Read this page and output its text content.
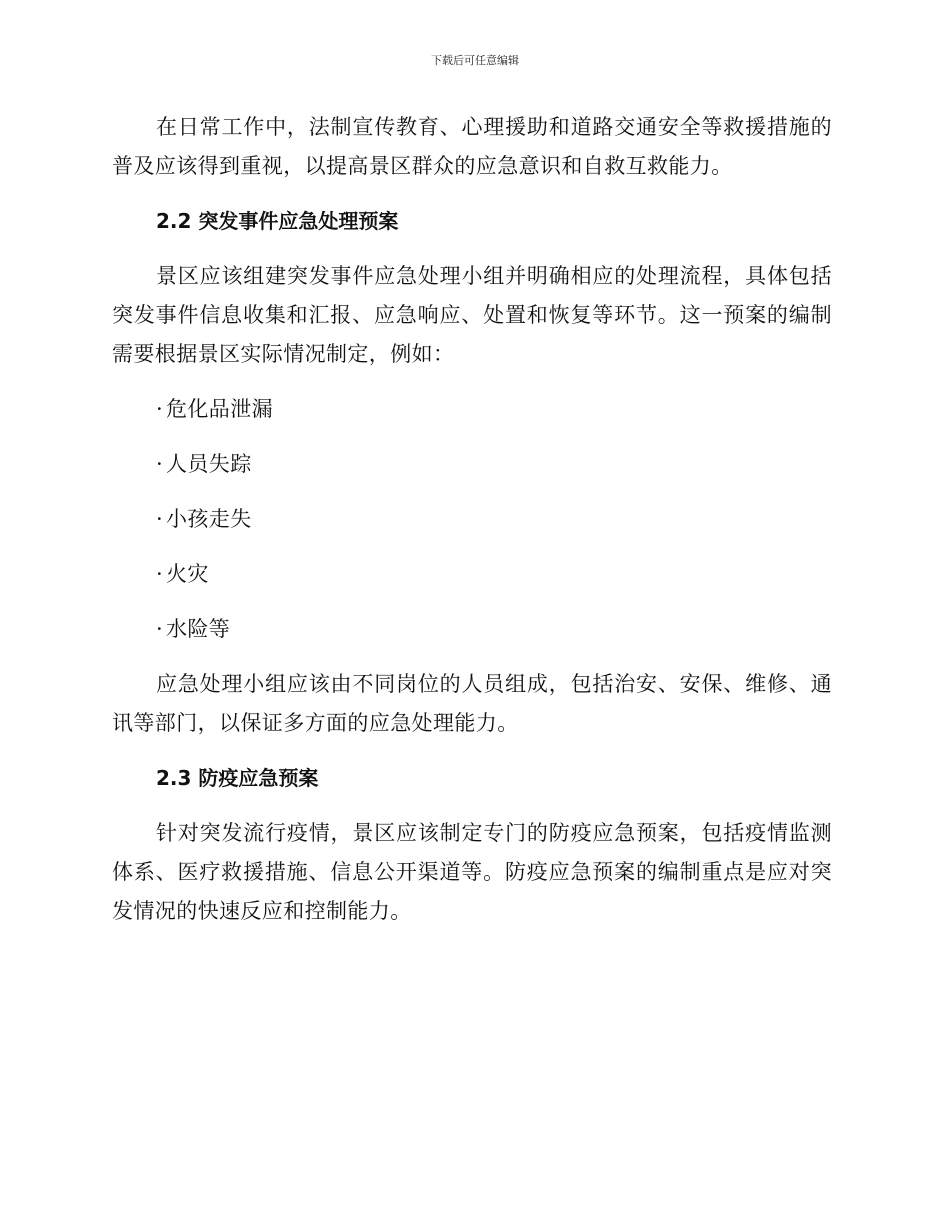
下载后可任意编辑

在日常工作中，法制宣传教育、心理援助和道路交通安全等救援措施的普及应该得到重视，以提高景区群众的应急意识和自救互救能力。

2.2 突发事件应急处理预案

景区应该组建突发事件应急处理小组并明确相应的处理流程，具体包括突发事件信息收集和汇报、应急响应、处置和恢复等环节。这一预案的编制需要根据景区实际情况制定，例如：

· 危化品泄漏
· 人员失踪
· 小孩走失
· 火灾
· 水险等

应急处理小组应该由不同岗位的人员组成，包括治安、安保、维修、通讯等部门，以保证多方面的应急处理能力。

2.3 防疫应急预案

针对突发流行疫情，景区应该制定专门的防疫应急预案，包括疫情监测体系、医疗救援措施、信息公开渠道等。防疫应急预案的编制重点是应对突发情况的快速反应和控制能力。
